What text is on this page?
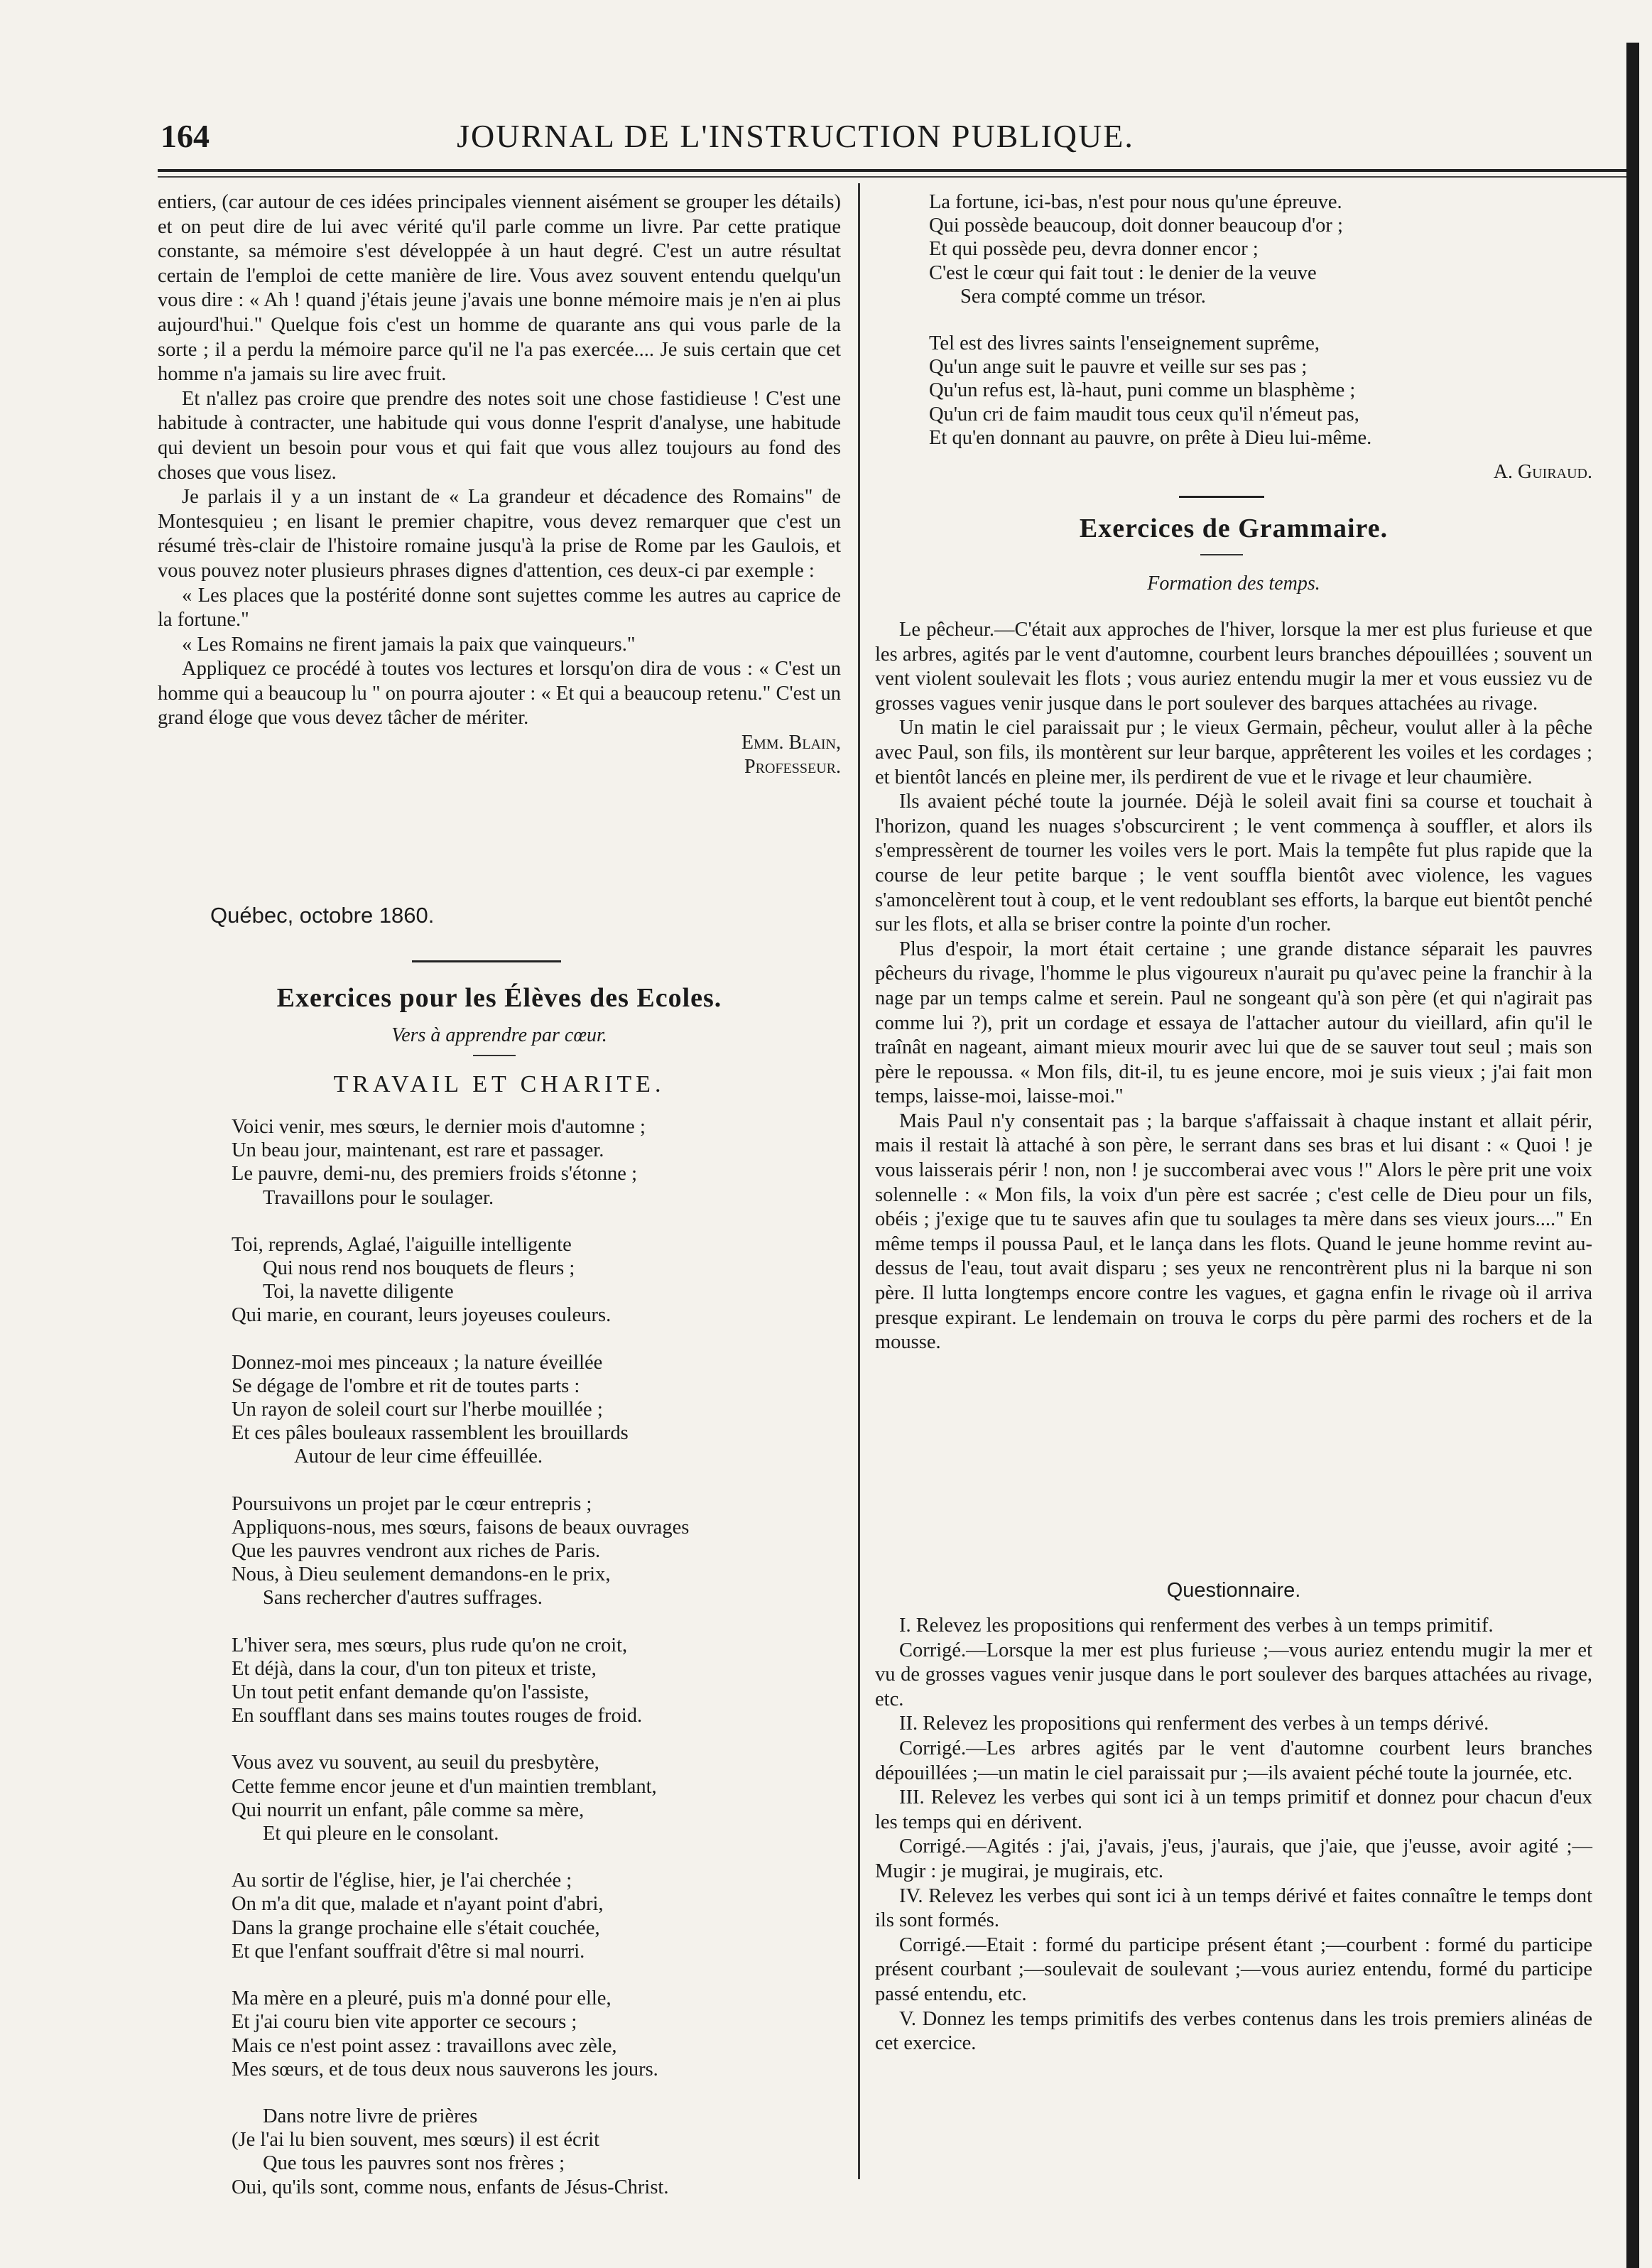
164	JOURNAL DE L'INSTRUCTION PUBLIQUE.

entiers, (car autour de ces idées principales viennent aisément se grouper les détails) et on peut dire de lui avec vérité qu'il parle comme un livre. Par cette pratique constante, sa mémoire s'est développée à un haut degré. C'est un autre résultat certain de l'emploi de cette manière de lire. Vous avez souvent entendu quelqu'un vous dire : « Ah ! quand j'étais jeune j'avais une bonne mémoire mais je n'en ai plus aujourd'hui." Quelque fois c'est un homme de quarante ans qui vous parle de la sorte ; il a perdu la mémoire parce qu'il ne l'a pas exercée.... Je suis certain que cet homme n'a jamais su lire avec fruit.

Et n'allez pas croire que prendre des notes soit une chose fastidieuse ! C'est une habitude à contracter, une habitude qui vous donne l'esprit d'analyse, une habitude qui devient un besoin pour vous et qui fait que vous allez toujours au fond des choses que vous lisez.

Je parlais il y a un instant de « La grandeur et décadence des Romains" de Montesquieu ; en lisant le premier chapitre, vous devez remarquer que c'est un résumé très-clair de l'histoire romaine jusqu'à la prise de Rome par les Gaulois, et vous pouvez noter plusieurs phrases dignes d'attention, ces deux-ci par exemple :

« Les places que la postérité donne sont sujettes comme les autres au caprice de la fortune."

« Les Romains ne firent jamais la paix que vainqueurs."

Appliquez ce procédé à toutes vos lectures et lorsqu'on dira de vous : « C'est un homme qui a beaucoup lu " on pourra ajouter : « Et qui a beaucoup retenu." C'est un grand éloge que vous devez tâcher de mériter.

Emm. Blain,

Professeur.

Québec, octobre 1860.

Exercices pour les Élèves des Ecoles.
Vers à apprendre par cœur.
TRAVAIL ET CHARITE.

Voici venir, mes sœurs, le dernier mois d'automne ;

Un beau jour, maintenant, est rare et passager.

Le pauvre, demi-nu, des premiers froids s'étonne ;

Travaillons pour le soulager.

Toi, reprends, Aglaé, l'aiguille intelligente

Qui nous rend nos bouquets de fleurs ;

Toi, la navette diligente

Qui marie, en courant, leurs joyeuses couleurs.

Donnez-moi mes pinceaux ; la nature éveillée

Se dégage de l'ombre et rit de toutes parts :

Un rayon de soleil court sur l'herbe mouillée ;

Et ces pâles bouleaux rassemblent les brouillards

Autour de leur cime éffeuillée.

Poursuivons un projet par le cœur entrepris ;

Appliquons-nous, mes sœurs, faisons de beaux ouvrages

Que les pauvres vendront aux riches de Paris.

Nous, à Dieu seulement demandons-en le prix,

Sans rechercher d'autres suffrages.

L'hiver sera, mes sœurs, plus rude qu'on ne croit,

Et déjà, dans la cour, d'un ton piteux et triste,

Un tout petit enfant demande qu'on l'assiste,

En soufflant dans ses mains toutes rouges de froid.

Vous avez vu souvent, au seuil du presbytère,

Cette femme encor jeune et d'un maintien tremblant,

Qui nourrit un enfant, pâle comme sa mère,

Et qui pleure en le consolant.

Au sortir de l'église, hier, je l'ai cherchée ;

On m'a dit que, malade et n'ayant point d'abri,

Dans la grange prochaine elle s'était couchée,

Et que l'enfant souffrait d'être si mal nourri.

Ma mère en a pleuré, puis m'a donné pour elle,

Et j'ai couru bien vite apporter ce secours ;

Mais ce n'est point assez : travaillons avec zèle,

Mes sœurs, et de tous deux nous sauverons les jours.

Dans notre livre de prières

(Je l'ai lu bien souvent, mes sœurs) il est écrit

Que tous les pauvres sont nos frères ;

Oui, qu'ils sont, comme nous, enfants de Jésus-Christ.

La fortune, ici-bas, n'est pour nous qu'une épreuve.

Qui possède beaucoup, doit donner beaucoup d'or ;

Et qui possède peu, devra donner encor ;

C'est le cœur qui fait tout : le denier de la veuve

Sera compté comme un trésor.

Tel est des livres saints l'enseignement suprême,

Qu'un ange suit le pauvre et veille sur ses pas ;

Qu'un refus est, là-haut, puni comme un blasphème ;

Qu'un cri de faim maudit tous ceux qu'il n'émeut pas,

Et qu'en donnant au pauvre, on prête à Dieu lui-même.

A. Guiraud.

Exercices de Grammaire.
Formation des temps.

Le pêcheur.—C'était aux approches de l'hiver, lorsque la mer est plus furieuse et que les arbres, agités par le vent d'automne, courbent leurs branches dépouillées ; souvent un vent violent soulevait les flots ; vous auriez entendu mugir la mer et vous eussiez vu de grosses vagues venir jusque dans le port soulever des barques attachées au rivage.

Un matin le ciel paraissait pur ; le vieux Germain, pêcheur, voulut aller à la pêche avec Paul, son fils, ils montèrent sur leur barque, apprêterent les voiles et les cordages ; et bientôt lancés en pleine mer, ils perdirent de vue et le rivage et leur chaumière.

Ils avaient péché toute la journée. Déjà le soleil avait fini sa course et touchait à l'horizon, quand les nuages s'obscurcirent ; le vent commença à souffler, et alors ils s'empressèrent de tourner les voiles vers le port. Mais la tempête fut plus rapide que la course de leur petite barque ; le vent souffla bientôt avec violence, les vagues s'amoncelèrent tout à coup, et le vent redoublant ses efforts, la barque eut bientôt penché sur les flots, et alla se briser contre la pointe d'un rocher.

Plus d'espoir, la mort était certaine ; une grande distance séparait les pauvres pêcheurs du rivage, l'homme le plus vigoureux n'aurait pu qu'avec peine la franchir à la nage par un temps calme et serein. Paul ne songeant qu'à son père (et qui n'agirait pas comme lui ?), prit un cordage et essaya de l'attacher autour du vieillard, afin qu'il le traînât en nageant, aimant mieux mourir avec lui que de se sauver tout seul ; mais son père le repoussa. « Mon fils, dit-il, tu es jeune encore, moi je suis vieux ; j'ai fait mon temps, laisse-moi, laisse-moi."

Mais Paul n'y consentait pas ; la barque s'affaissait à chaque instant et allait périr, mais il restait là attaché à son père, le serrant dans ses bras et lui disant : « Quoi ! je vous laisserais périr ! non, non ! je succomberai avec vous !" Alors le père prit une voix solennelle : « Mon fils, la voix d'un père est sacrée ; c'est celle de Dieu pour un fils, obéis ; j'exige que tu te sauves afin que tu soulages ta mère dans ses vieux jours...." En même temps il poussa Paul, et le lança dans les flots. Quand le jeune homme revint au-dessus de l'eau, tout avait disparu ; ses yeux ne rencontrèrent plus ni la barque ni son père. Il lutta longtemps encore contre les vagues, et gagna enfin le rivage où il arriva presque expirant. Le lendemain on trouva le corps du père parmi des rochers et de la mousse.

Questionnaire.

I. Relevez les propositions qui renferment des verbes à un temps primitif.

Corrigé.—Lorsque la mer est plus furieuse ;—vous auriez entendu mugir la mer et vu de grosses vagues venir jusque dans le port soulever des barques attachées au rivage, etc.

II. Relevez les propositions qui renferment des verbes à un temps dérivé.

Corrigé.—Les arbres agités par le vent d'automne courbent leurs branches dépouillées ;—un matin le ciel paraissait pur ;—ils avaient péché toute la journée, etc.

III. Relevez les verbes qui sont ici à un temps primitif et donnez pour chacun d'eux les temps qui en dérivent.

Corrigé.—Agités : j'ai, j'avais, j'eus, j'aurais, que j'aie, que j'eusse, avoir agité ;—Mugir : je mugirai, je mugirais, etc.

IV. Relevez les verbes qui sont ici à un temps dérivé et faites connaître le temps dont ils sont formés.

Corrigé.—Etait : formé du participe présent étant ;—courbent : formé du participe présent courbant ;—soulevait de soulevant ;—vous auriez entendu, formé du participe passé entendu, etc.

V. Donnez les temps primitifs des verbes contenus dans les trois premiers alinéas de cet exercice.
